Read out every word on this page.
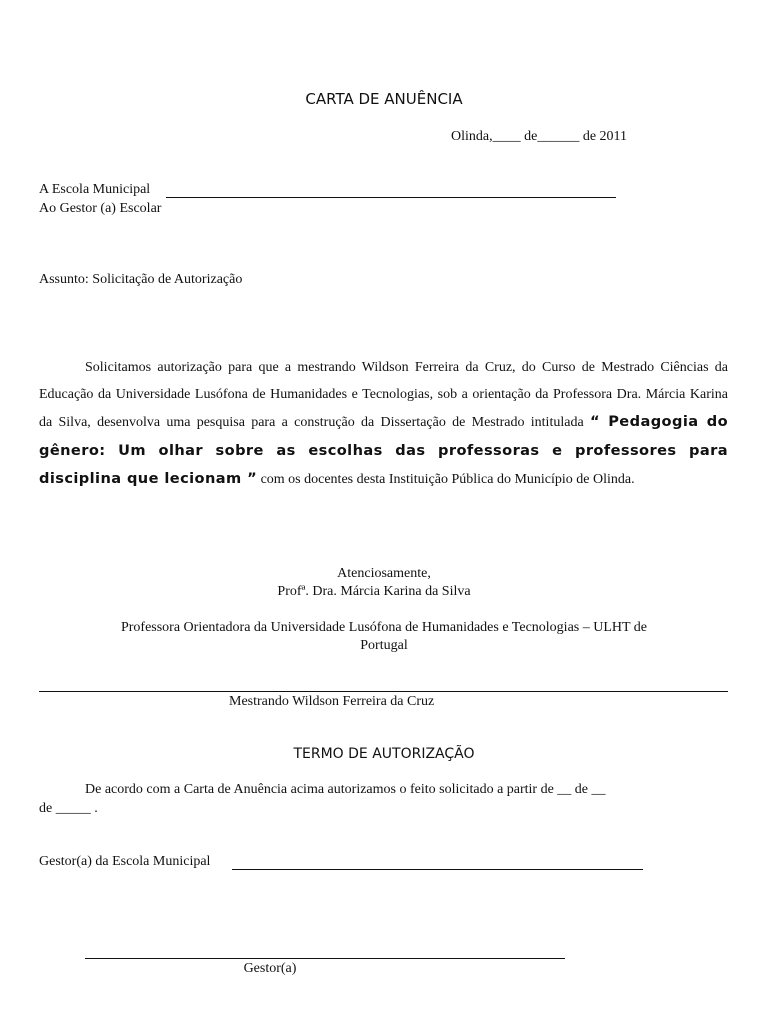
CARTA DE ANUÊNCIA
Olinda,____ de______ de 2011
A Escola Municipal
Ao Gestor (a) Escolar
Assunto: Solicitação de Autorização
Solicitamos autorização para que a mestrando Wildson Ferreira da Cruz, do Curso de Mestrado Ciências da Educação da Universidade Lusófona de Humanidades e Tecnologias, sob a orientação da Professora Dra. Márcia Karina da Silva, desenvolva uma pesquisa para a construção da Dissertação de Mestrado intitulada “ Pedagogia do gênero: Um olhar sobre as escolhas das professoras e professores para disciplina que lecionam ” com os docentes desta Instituição Pública do Município de Olinda.
Atenciosamente,
Profª. Dra. Márcia Karina da Silva
Professora Orientadora da Universidade Lusófona de Humanidades e Tecnologias – ULHT de
Portugal
Mestrando Wildson Ferreira da Cruz
TERMO DE AUTORIZAÇÃO
De acordo com a Carta de Anuência acima autorizamos o feito solicitado a partir de __ de __
de _____ .
Gestor(a) da Escola Municipal
Gestor(a)
